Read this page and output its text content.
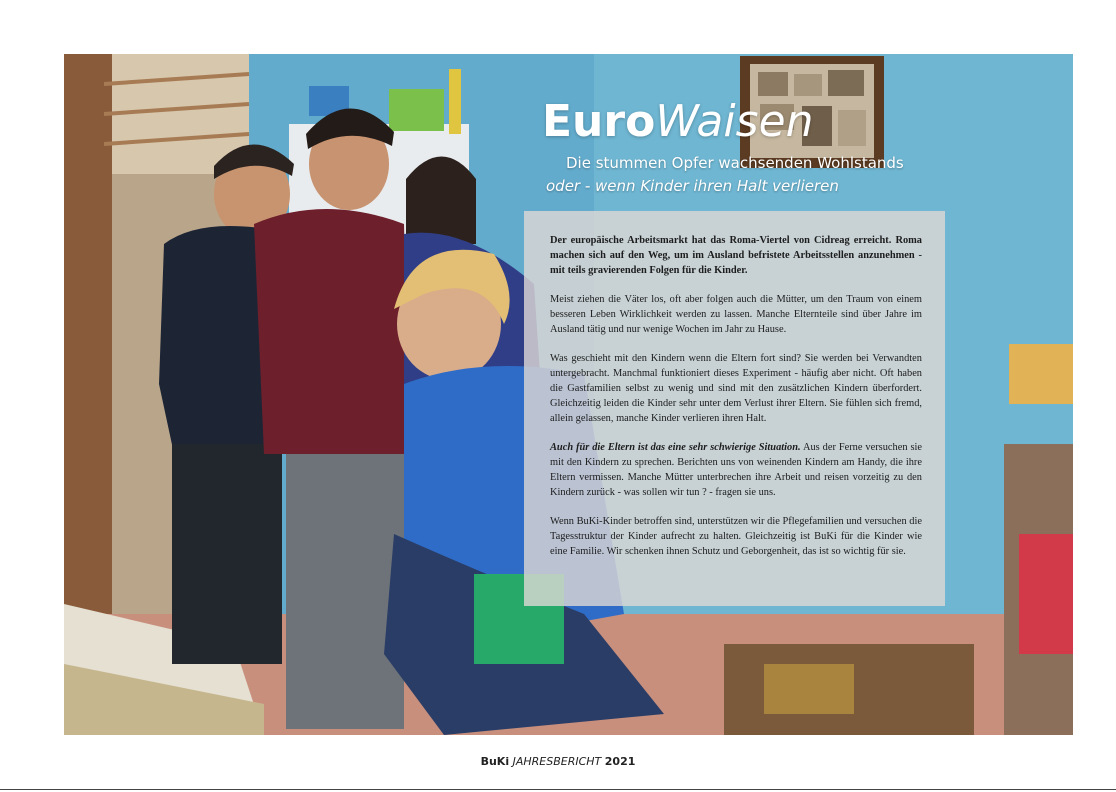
EuroWaisen

Die stummen Opfer wachsenden Wohlstands

oder - wenn Kinder ihren Halt verlieren

Der europäische Arbeitsmarkt hat das Roma-Viertel von Cidreag erreicht. Roma machen sich auf den Weg, um im Ausland befristete Arbeitsstellen anzunehmen - mit teils gravierenden Folgen für die Kinder.

Meist ziehen die Väter los, oft aber folgen auch die Mütter, um den Traum von einem besseren Leben Wirklichkeit werden zu lassen. Manche Elternteile sind über Jahre im Ausland tätig und nur wenige Wochen im Jahr zu Hause.

Was geschieht mit den Kindern wenn die Eltern fort sind? Sie werden bei Verwandten untergebracht. Manchmal funktioniert dieses Experiment - häufig aber nicht. Oft haben die Gastfamilien selbst zu wenig und sind mit den zusätzlichen Kindern überfordert. Gleichzeitig leiden die Kinder sehr unter dem Verlust ihrer Eltern. Sie fühlen sich fremd, allein gelassen, manche Kinder verlieren ihren Halt.

Auch für die Eltern ist das eine sehr schwierige Situation. Aus der Ferne versuchen sie mit den Kindern zu sprechen. Berichten uns von weinenden Kindern am Handy, die ihre Eltern vermissen. Manche Mütter unterbrechen ihre Arbeit und reisen vorzeitig zu den Kindern zurück - was sollen wir tun ? - fragen sie uns.

Wenn BuKi-Kinder betroffen sind, unterstützen wir die Pflegefamilien und versuchen die Tagesstruktur der Kinder aufrecht zu halten. Gleichzeitig ist BuKi für die Kinder wie eine Familie. Wir schenken ihnen Schutz und Geborgenheit, das ist so wichtig für sie.

BuKi JAHRESBERICHT 2021
